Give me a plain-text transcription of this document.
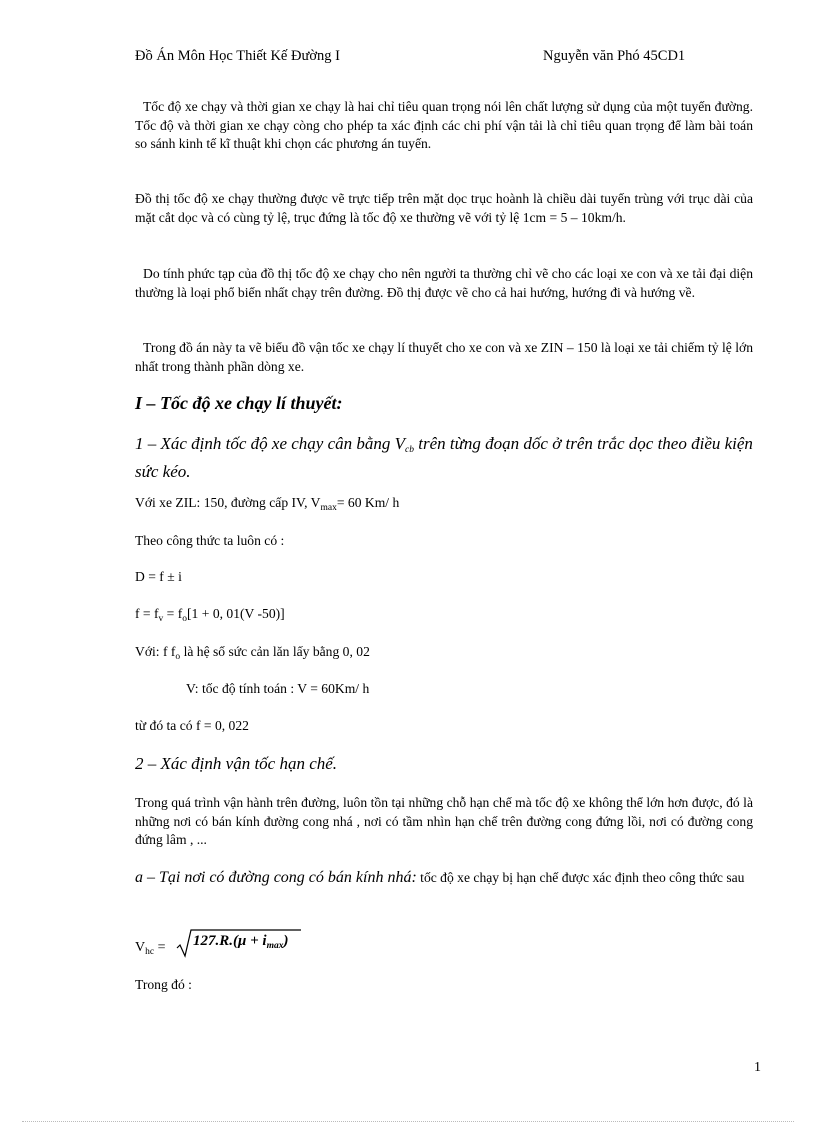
Đồ Án Môn Học Thiết Kế Đường I	Nguyễn văn Phó 45CD1
Tốc độ xe chạy và thời gian xe chạy là hai chỉ tiêu quan trọng nói lên chất lượng sử dụng của một tuyến đường. Tốc độ và thời gian xe chạy còng cho phép ta xác định các chi phí vận tải là chỉ tiêu quan trọng để làm bài toán so sánh kinh tế kĩ thuật khi chọn các phương án tuyến.
Đồ thị tốc độ xe chạy thường được vẽ trực tiếp trên mặt dọc trục hoành là chiều dài tuyến trùng với trục dài của mặt cắt dọc và có cùng tỷ lệ, trục đứng là tốc độ xe thường vẽ với tỷ lệ 1cm = 5 – 10km/h.
Do tính phức tạp của đồ thị tốc độ xe chạy cho nên người ta thường chỉ vẽ cho các loại xe con và xe tải đại diện thường là loại phổ biến nhất chạy trên đường. Đồ thị được vẽ cho cả hai hướng, hướng đi và hướng về.
Trong đồ án này ta vẽ biểu đồ vận tốc xe chạy lí thuyết cho xe con và xe ZIN – 150 là loại xe tải chiếm tỷ lệ lớn nhất trong thành phần dòng xe.
I – Tốc độ xe chạy lí thuyết:
1 – Xác định tốc độ xe chạy cân bằng $V_{cb}$ trên từng đoạn dốc ở trên trắc dọc theo điều kiện sức kéo.
Với xe ZIL: 150, đường cấp IV, $V_{max}= 60$ Km/ h
Theo công thức ta luôn có :
D = f ± i
$f = f_v = f_o[1 + 0$, 01(V -50)]
Với: f $f_o$ là hệ số sức cản lăn lấy bằng 0, 02
V: tốc độ tính toán : V = 60Km/ h
từ đó ta có f = 0, 022
2 – Xác định vận tốc hạn chế.
Trong quá trình vận hành trên đường, luôn tồn tại những chỗ hạn chế mà tốc độ xe không thể lớn hơn được, đó là những nơi có bán kính đường cong nhá , nơi có tầm nhìn hạn chế trên đường cong đứng lồi, nơi có đường cong đứng lâm , ...
a – Tại nơi có đường cong có bán kính nhá: tốc độ xe chạy bị hạn chế được xác định theo công thức sau
$V_{hc} = 127.R.(\mu + i_{max})$
Trong đó :
1
